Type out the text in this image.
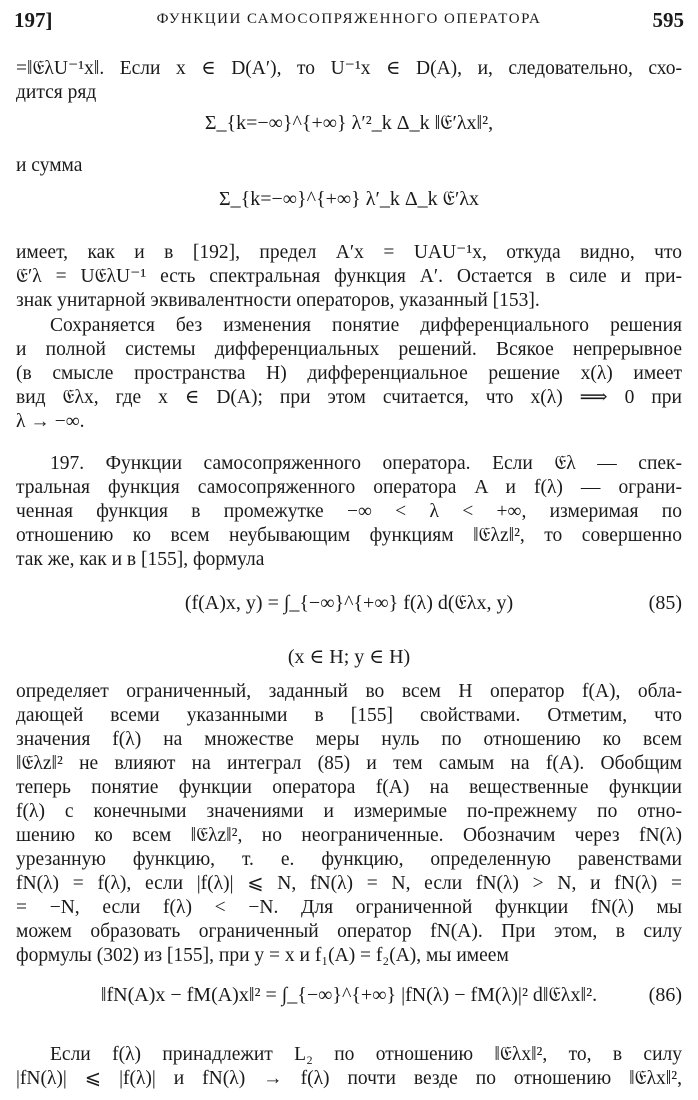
197]	ФУНКЦИИ САМОСОПРЯЖЕННОГО ОПЕРАТОРА	595
=‖𝔈λU⁻¹x‖. Если x ∈ D(A′), то U⁻¹x ∈ D(A), и, следовательно, схо-
дится ряд
Σ_{k=−∞}^{+∞} λ′²_k Δ_k ‖𝔈′λx‖²,
и сумма
Σ_{k=−∞}^{+∞} λ′_k Δ_k 𝔈′λx
имеет, как и в [192], предел A′x = UAU⁻¹x, откуда видно, что
𝔈′λ = U𝔈λU⁻¹ есть спектральная функция A′. Остается в силе и при-
знак унитарной эквивалентности операторов, указанный [153].
Сохраняется без изменения понятие дифференциального решения
и полной системы дифференциальных решений. Всякое непрерывное
(в смысле пространства H) дифференциальное решение x(λ) имеет
вид 𝔈λx, где x ∈ D(A); при этом считается, что x(λ) ⟹ 0 при
λ → −∞.
197. Функции самосопряженного оператора. Если 𝔈λ — спек-
тральная функция самосопряженного оператора A и f(λ) — ограни-
ченная функция в промежутке −∞ < λ < +∞, измеримая по
отношению ко всем неубывающим функциям ‖𝔈λz‖², то совершенно
так же, как и в [155], формула
(f(A)x, y) = ∫_{−∞}^{+∞} f(λ) d(𝔈λx, y)	(85)
(x ∈ H; y ∈ H)
определяет ограниченный, заданный во всем H оператор f(A), обла-
дающей всеми указанными в [155] свойствами. Отметим, что
значения f(λ) на множестве меры нуль по отношению ко всем
‖𝔈λz‖² не влияют на интеграл (85) и тем самым на f(A). Обобщим
теперь понятие функции оператора f(A) на вещественные функции
f(λ) с конечными значениями и измеримые по-прежнему по отно-
шению ко всем ‖𝔈λz‖², но неограниченные. Обозначим через fN(λ)
урезанную функцию, т. е. функцию, определенную равенствами
fN(λ) = f(λ), если |f(λ)| ⩽ N, fN(λ) = N, если fN(λ) > N, и fN(λ) =
= −N, если f(λ) < −N. Для ограниченной функции fN(λ) мы
можем образовать ограниченный оператор fN(A). При этом, в силу
формулы (302) из [155], при y = x и f₁(A) = f₂(A), мы имеем
‖fN(A)x − fM(A)x‖² = ∫_{−∞}^{+∞} |fN(λ) − fM(λ)|² d‖𝔈λx‖².	(86)
Если f(λ) принадлежит L₂ по отношению ‖𝔈λx‖², то, в силу
|fN(λ)| ⩽ |f(λ)| и fN(λ) → f(λ) почти везде по отношению ‖𝔈λx‖²,
